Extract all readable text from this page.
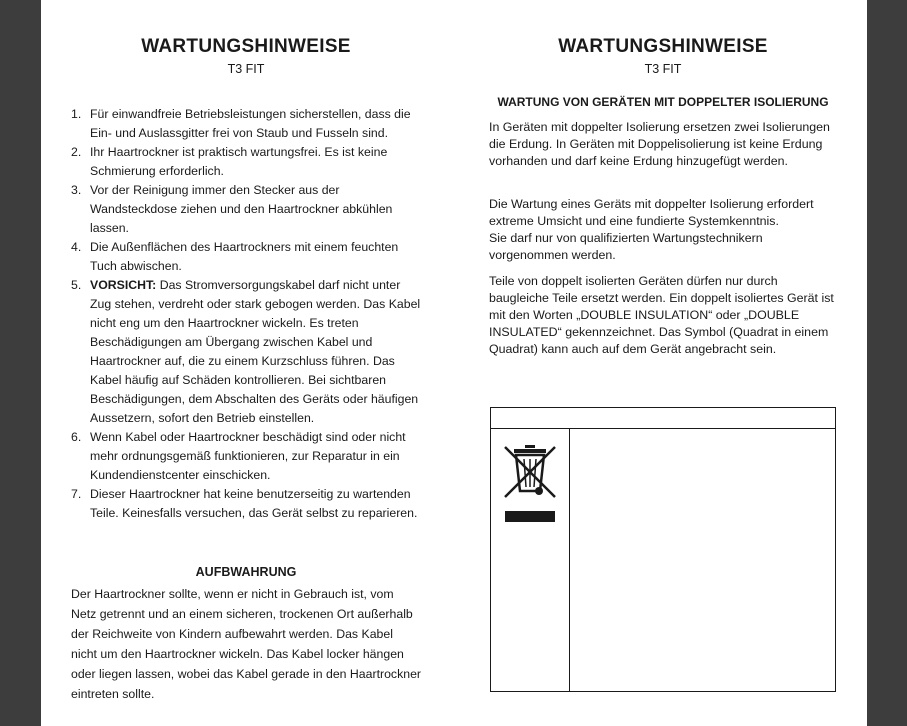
WARTUNGSHINWEISE
T3 FIT
1. Für einwandfreie Betriebsleistungen sicherstellen, dass die Ein- und Auslassgitter frei von Staub und Fusseln sind.
2. Ihr Haartrockner ist praktisch wartungsfrei. Es ist keine Schmierung erforderlich.
3. Vor der Reinigung immer den Stecker aus der Wandsteckdose ziehen und den Haartrockner abkühlen lassen.
4. Die Außenflächen des Haartrockners mit einem feuchten Tuch abwischen.
5. VORSICHT: Das Stromversorgungskabel darf nicht unter Zug stehen, verdreht oder stark gebogen werden. Das Kabel nicht eng um den Haartrockner wickeln. Es treten Beschädigungen am Übergang zwischen Kabel und Haartrockner auf, die zu einem Kurzschluss führen. Das Kabel häufig auf Schäden kontrollieren. Bei sichtbaren Beschädigungen, dem Abschalten des Geräts oder häufigen Aussetzern, sofort den Betrieb einstellen.
6. Wenn Kabel oder Haartrockner beschädigt sind oder nicht mehr ordnungsgemäß funktionieren, zur Reparatur in ein Kundendienstcenter einschicken.
7. Dieser Haartrockner hat keine benutzerseitig zu wartenden Teile. Keinesfalls versuchen, das Gerät selbst zu reparieren.
AUFBWAHRUNG
Der Haartrockner sollte, wenn er nicht in Gebrauch ist, vom Netz getrennt und an einem sicheren, trockenen Ort außerhalb der Reichweite von Kindern aufbewahrt werden. Das Kabel nicht um den Haartrockner wickeln. Das Kabel locker hängen oder liegen lassen, wobei das Kabel gerade in den Haartrockner eintreten sollte.
WARTUNGSHINWEISE
T3 FIT
WARTUNG VON GERÄTEN MIT DOPPELTER ISOLIERUNG

In Geräten mit doppelter Isolierung ersetzen zwei Isolierungen die Erdung. In Geräten mit Doppelisolierung ist keine Erdung vorhanden und darf keine Erdung hinzugefügt werden.

Die Wartung eines Geräts mit doppelter Isolierung erfordert extreme Umsicht und eine fundierte Systemkenntnis.
Sie darf nur von qualifizierten Wartungstechnikern vorgenommen werden.

Teile von doppelt isolierten Geräten dürfen nur durch baugleiche Teile ersetzt werden. Ein doppelt isoliertes Gerät ist mit den Worten „DOUBLE INSULATION“ oder „DOUBLE INSULATED“ gekennzeichnet. Das Symbol (Quadrat in einem Quadrat) kann auch auf dem Gerät angebracht sein.
